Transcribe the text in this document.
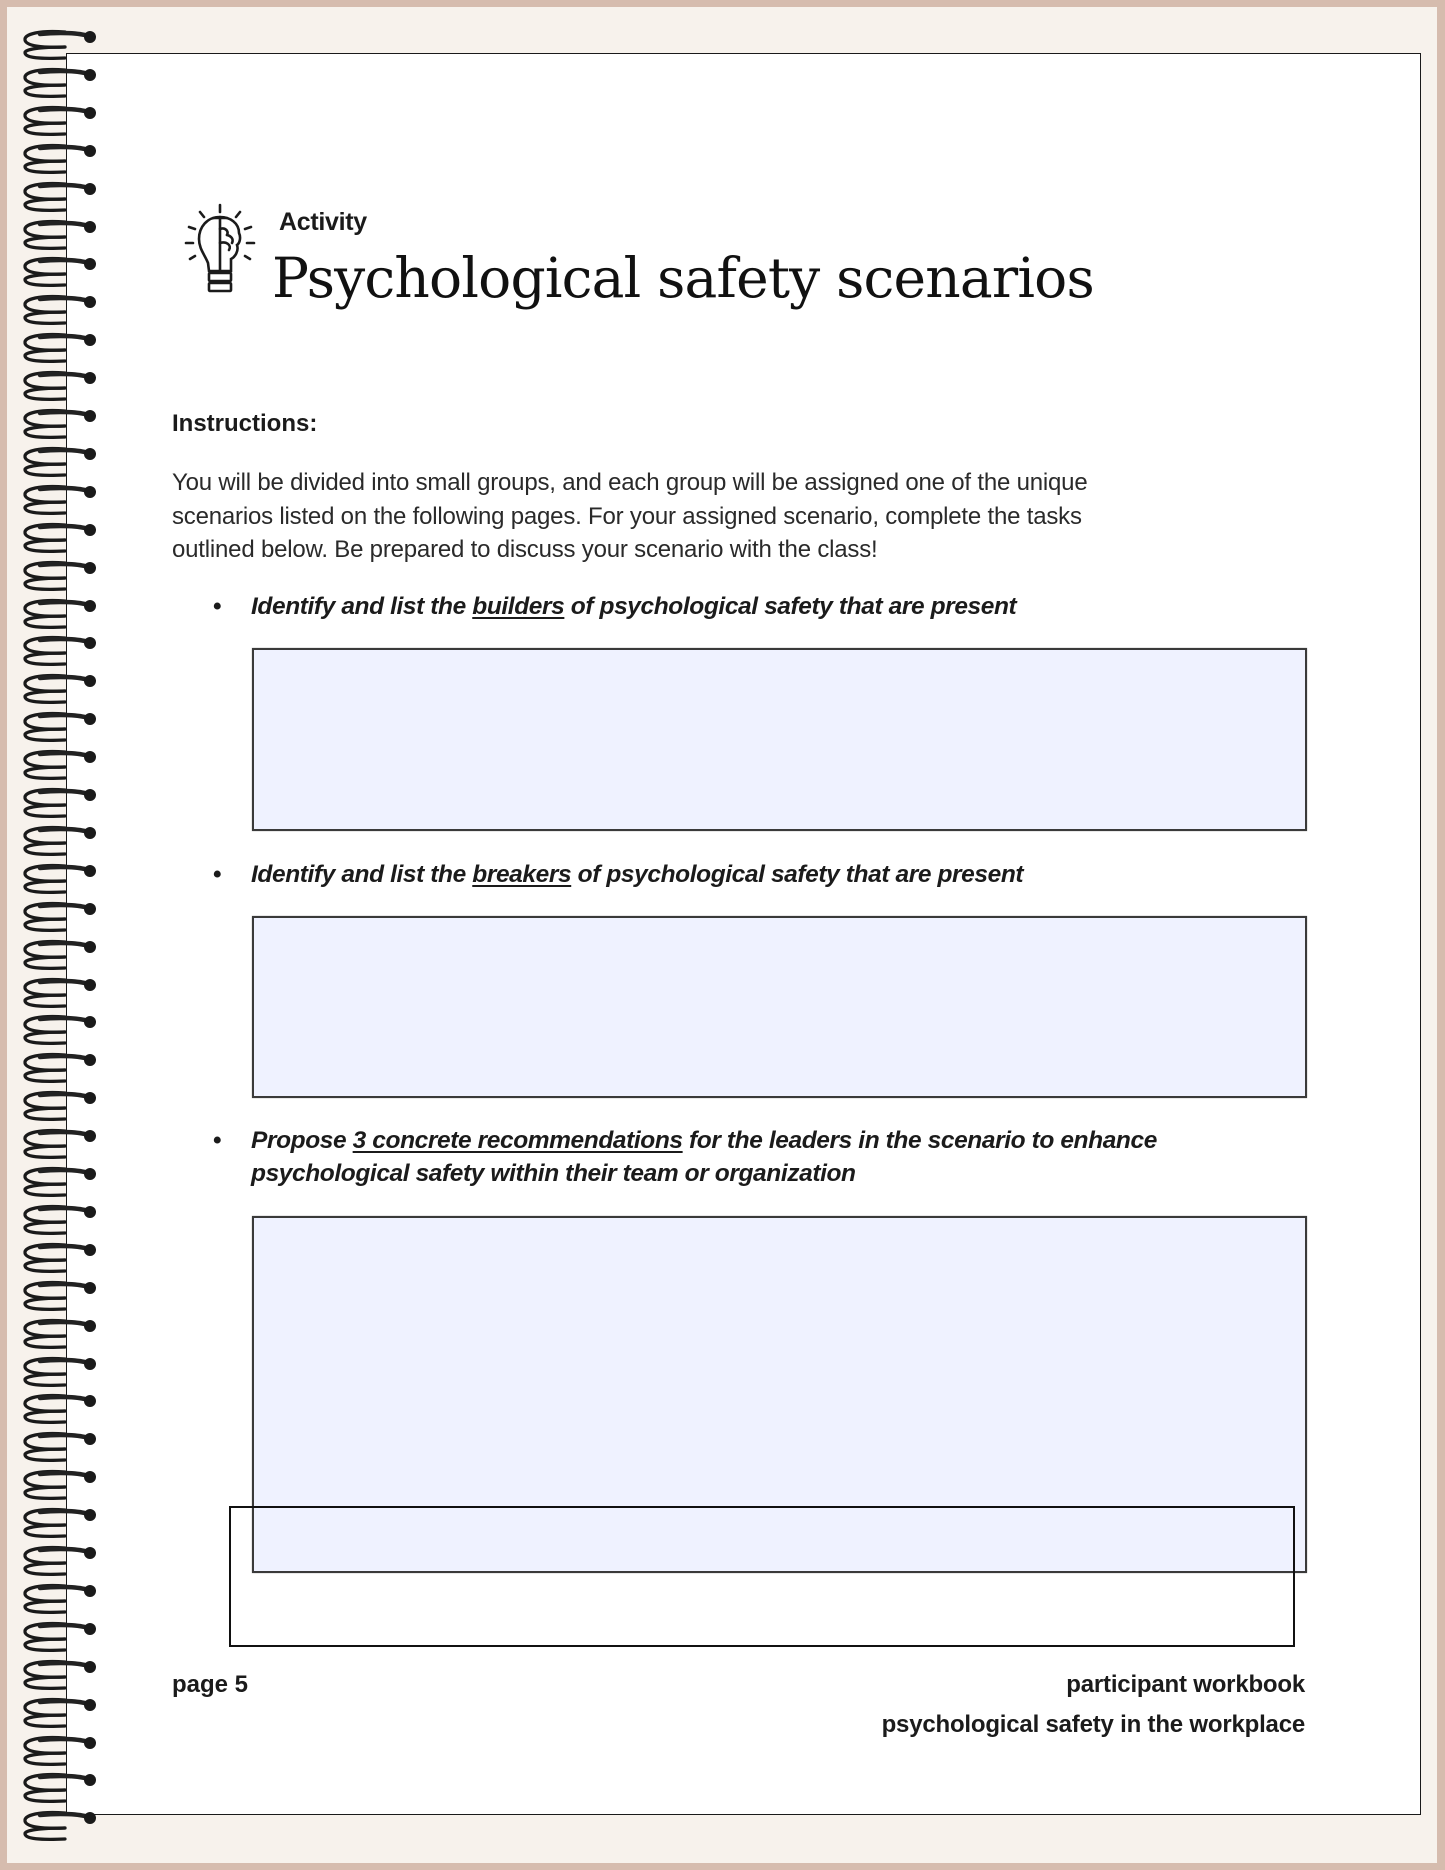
Activity
Psychological safety scenarios
Instructions:
You will be divided into small groups, and each group will be assigned one of the unique
scenarios listed on the following pages. For your assigned scenario, complete the tasks
outlined below. Be prepared to discuss your scenario with the class!
• Identify and list the builders of psychological safety that are present
• Identify and list the breakers of psychological safety that are present
• Propose 3 concrete recommendations for the leaders in the scenario to enhance
psychological safety within their team or organization
page 5	participant workbook
psychological safety in the workplace
